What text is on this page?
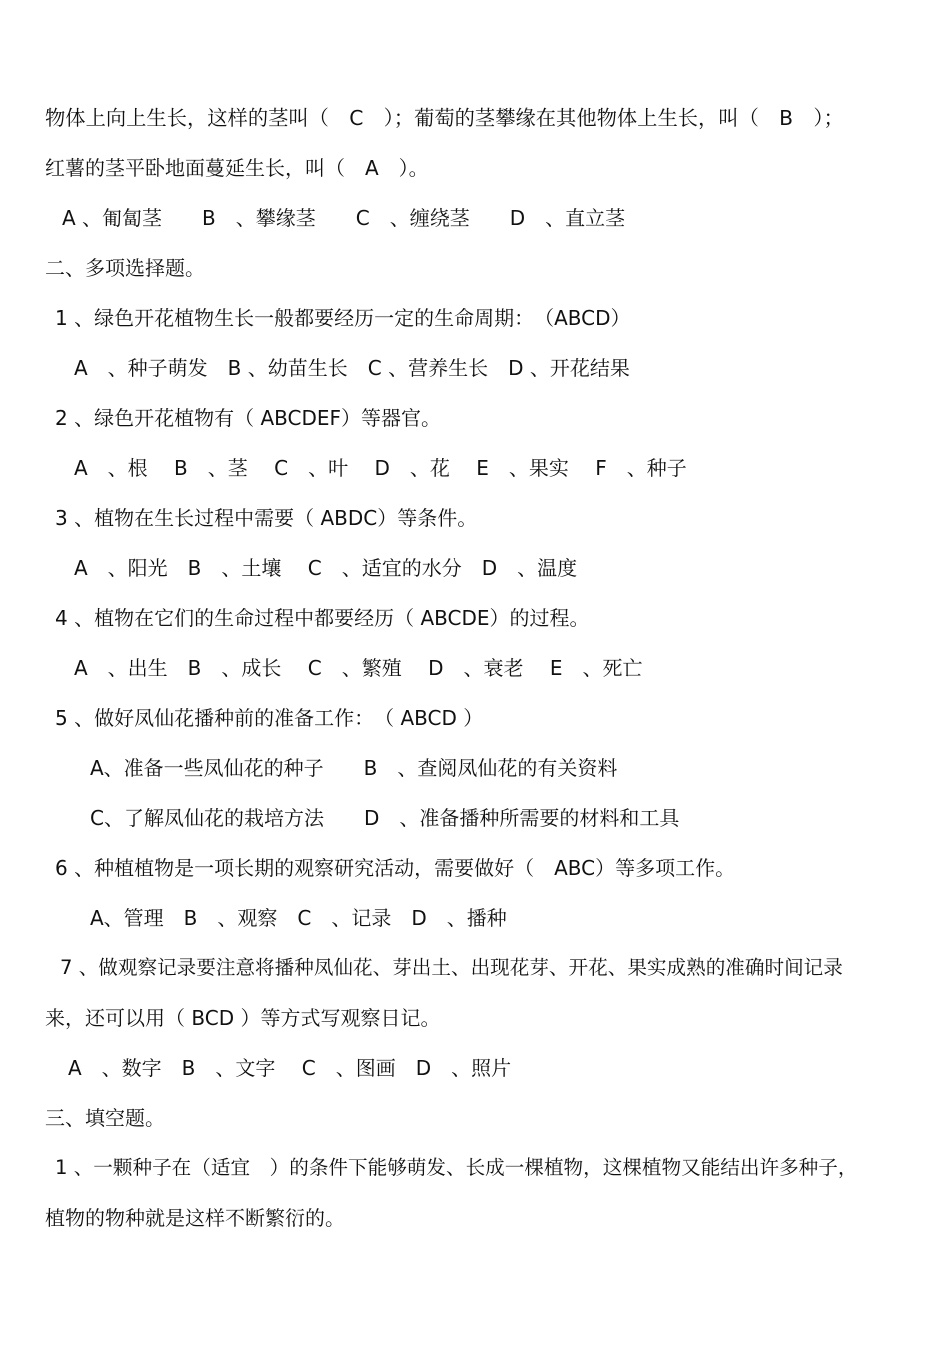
物体上向上生长，这样的茎叫（　C　）；葡萄的茎攀缘在其他物体上生长，叫（　B　）；
红薯的茎平卧地面蔓延生长，叫（　A　）。
A 、匍匐茎　　B　、攀缘茎　　C　、缠绕茎　　D　、直立茎
二、多项选择题。
1 、绿色开花植物生长一般都要经历一定的生命周期：　（ABCD）
A　、种子萌发　B 、幼苗生长　C 、营养生长　D 、开花结果
2 、绿色开花植物有（ ABCDEF）等器官。
A　、根　 B　、茎　 C　、叶　 D　、花　 E　、果实　 F　、种子
3 、植物在生长过程中需要（ ABDC）等条件。
A　、阳光　B　、土壤　 C　、适宜的水分　D　、温度
4 、植物在它们的生命过程中都要经历（ ABCDE）的过程。
A　、出生　B　、成长　 C　、繁殖　 D　、衰老　 E　、死亡
5 、做好凤仙花播种前的准备工作：　（ ABCD ）
A、准备一些凤仙花的种子　　B　、查阅凤仙花的有关资料
C、了解凤仙花的栽培方法　　D　、准备播种所需要的材料和工具
6 、种植植物是一项长期的观察研究活动，需要做好（　ABC）等多项工作。
A、管理　B　、观察　C　、记录　D　、播种
7 、做观察记录要注意将播种凤仙花、芽出土、出现花芽、开花、果实成熟的准确时间记录
来，还可以用（ BCD ）等方式写观察日记。
A　、数字　B　、文字　 C　、图画　D　、照片
三、填空题。
1 、一颗种子在（适宜　）的条件下能够萌发、长成一棵植物，这棵植物又能结出许多种子，
植物的物种就是这样不断繁衍的。
